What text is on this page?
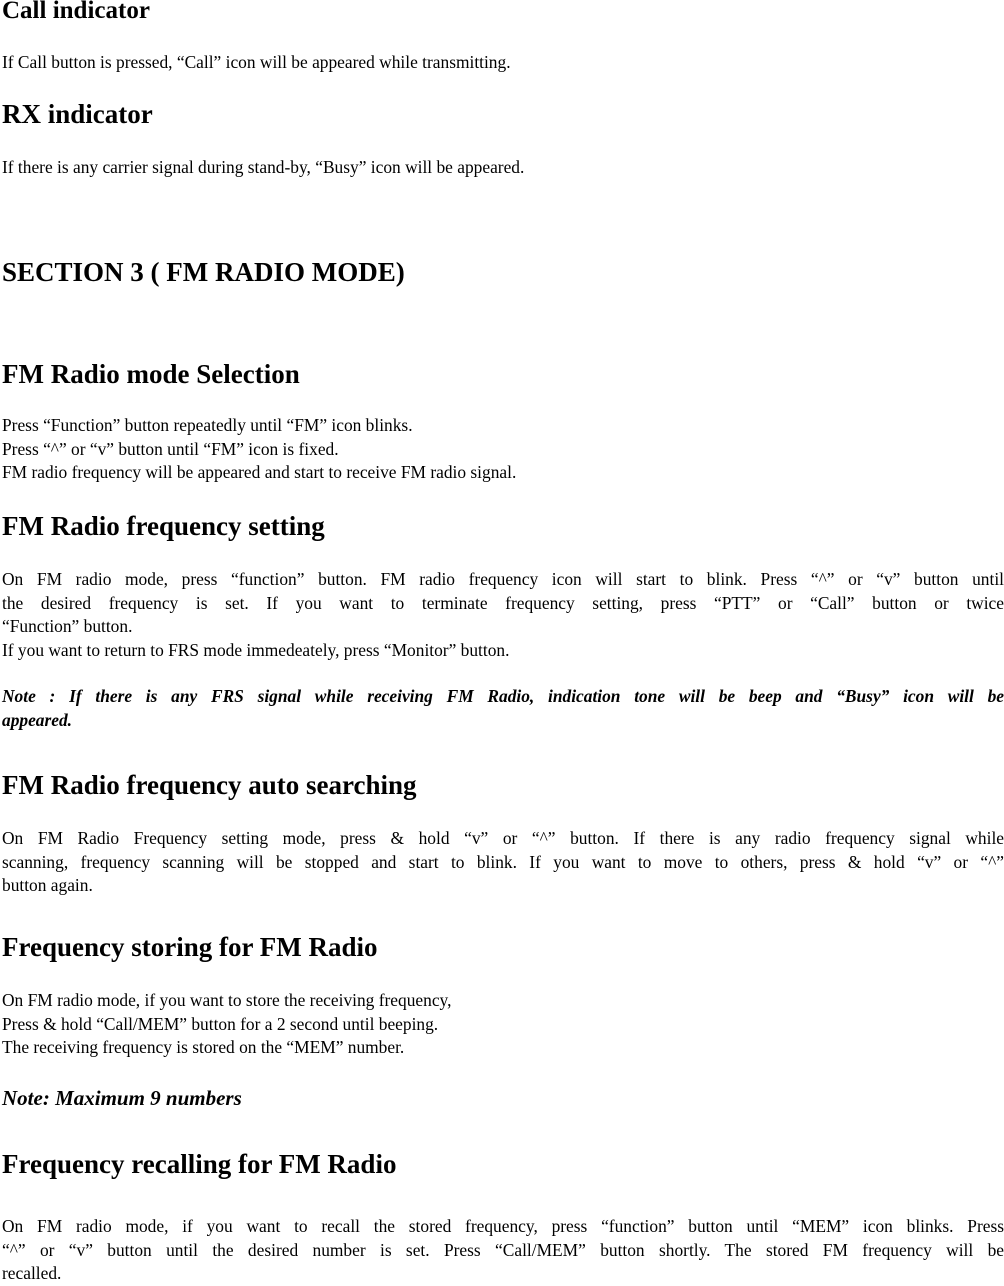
Call indicator

If Call button is pressed, “Call” icon will be appeared while transmitting.

RX indicator

If there is any carrier signal during stand-by, “Busy” icon will be appeared.

SECTION 3 ( FM RADIO MODE)
FM Radio mode Selection

Press “Function” button repeatedly until “FM” icon blinks.
Press “^” or “v” button until “FM” icon is fixed.
FM radio frequency will be appeared and start to receive FM radio signal.

FM Radio frequency setting

On FM radio mode, press “function” button. FM radio frequency icon will start to blink. Press “^” or “v” button until
the desired frequency is set. If you want to terminate frequency setting, press “PTT” or “Call” button or twice
“Function” button.
If you want to return to FRS mode immedeately, press “Monitor” button.

Note : If there is any FRS signal while receiving FM Radio, indication tone will be beep and “Busy” icon will be
appeared.

FM Radio frequency auto searching

On FM Radio Frequency setting mode, press & hold “v” or “^” button. If there is any radio frequency signal while
scanning, frequency scanning will be stopped and start to blink. If you want to move to others, press & hold “v” or “^”
button again.

Frequency storing for FM Radio

On FM radio mode, if you want to store the receiving frequency,
Press & hold “Call/MEM” button for a 2 second until beeping.
The receiving frequency is stored on the “MEM” number.

Note: Maximum 9 numbers

Frequency recalling for FM Radio

On FM radio mode, if you want to recall the stored frequency, press “function” button until “MEM” icon blinks. Press
“^” or “v” button until the desired number is set. Press “Call/MEM” button shortly. The stored FM frequency will be
recalled.
